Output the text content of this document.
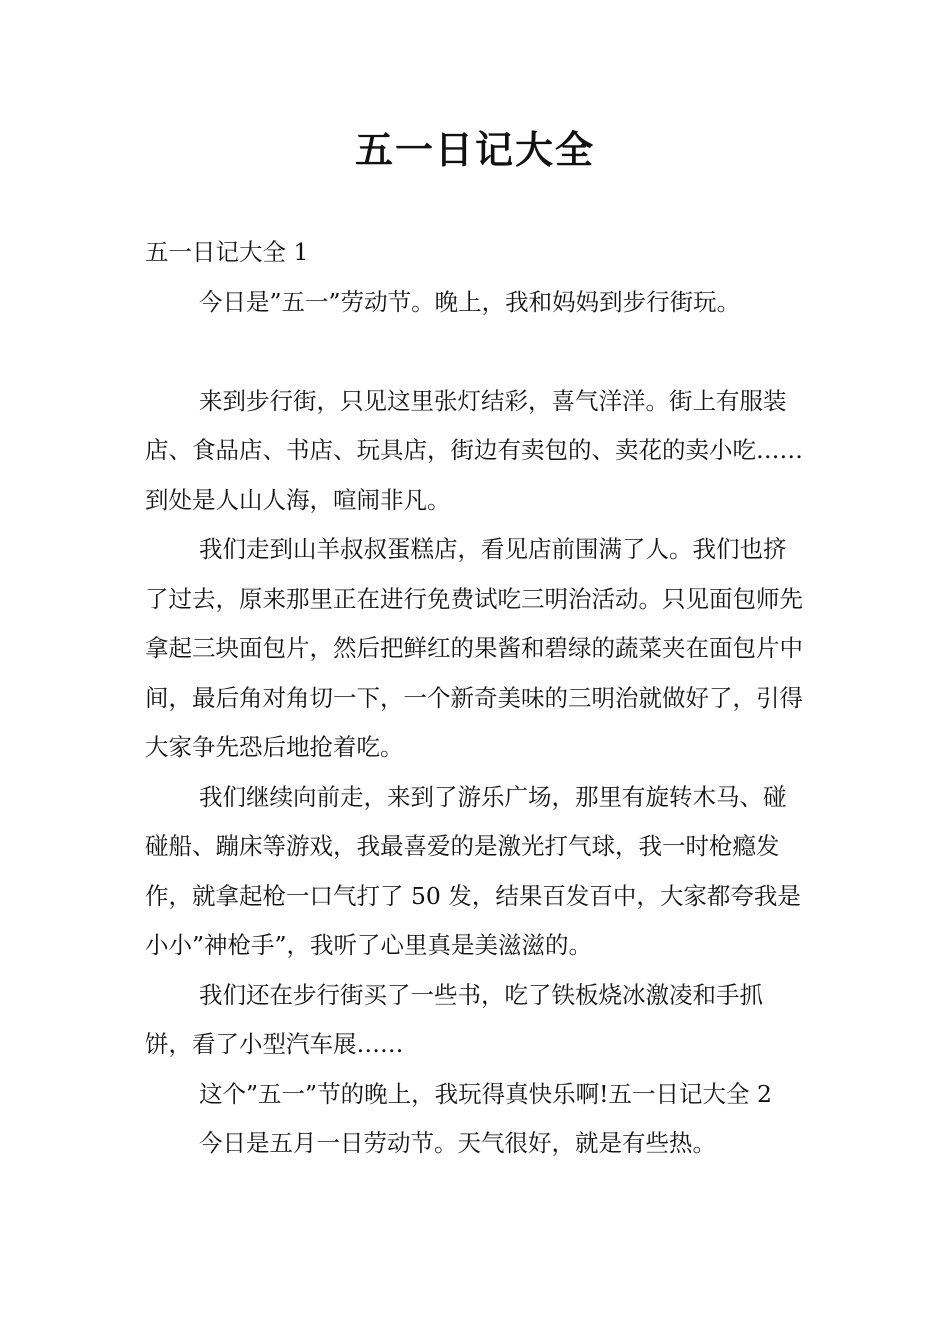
五一日记大全

五一日记大全 1

今日是”五一”劳动节。晚上，我和妈妈到步行街玩。

来到步行街，只见这里张灯结彩，喜气洋洋。街上有服装店、食品店、书店、玩具店，街边有卖包的、卖花的卖小吃……到处是人山人海，喧闹非凡。

我们走到山羊叔叔蛋糕店，看见店前围满了人。我们也挤了过去，原来那里正在进行免费试吃三明治活动。只见面包师先拿起三块面包片，然后把鲜红的果酱和碧绿的蔬菜夹在面包片中间，最后角对角切一下，一个新奇美味的三明治就做好了，引得大家争先恐后地抢着吃。

我们继续向前走，来到了游乐广场，那里有旋转木马、碰碰船、蹦床等游戏，我最喜爱的是激光打气球，我一时枪瘾发作，就拿起枪一口气打了 50 发，结果百发百中，大家都夸我是小小”神枪手”，我听了心里真是美滋滋的。

我们还在步行街买了一些书，吃了铁板烧冰激凌和手抓饼，看了小型汽车展……

这个”五一”节的晚上，我玩得真快乐啊!五一日记大全 2

今日是五月一日劳动节。天气很好，就是有些热。
